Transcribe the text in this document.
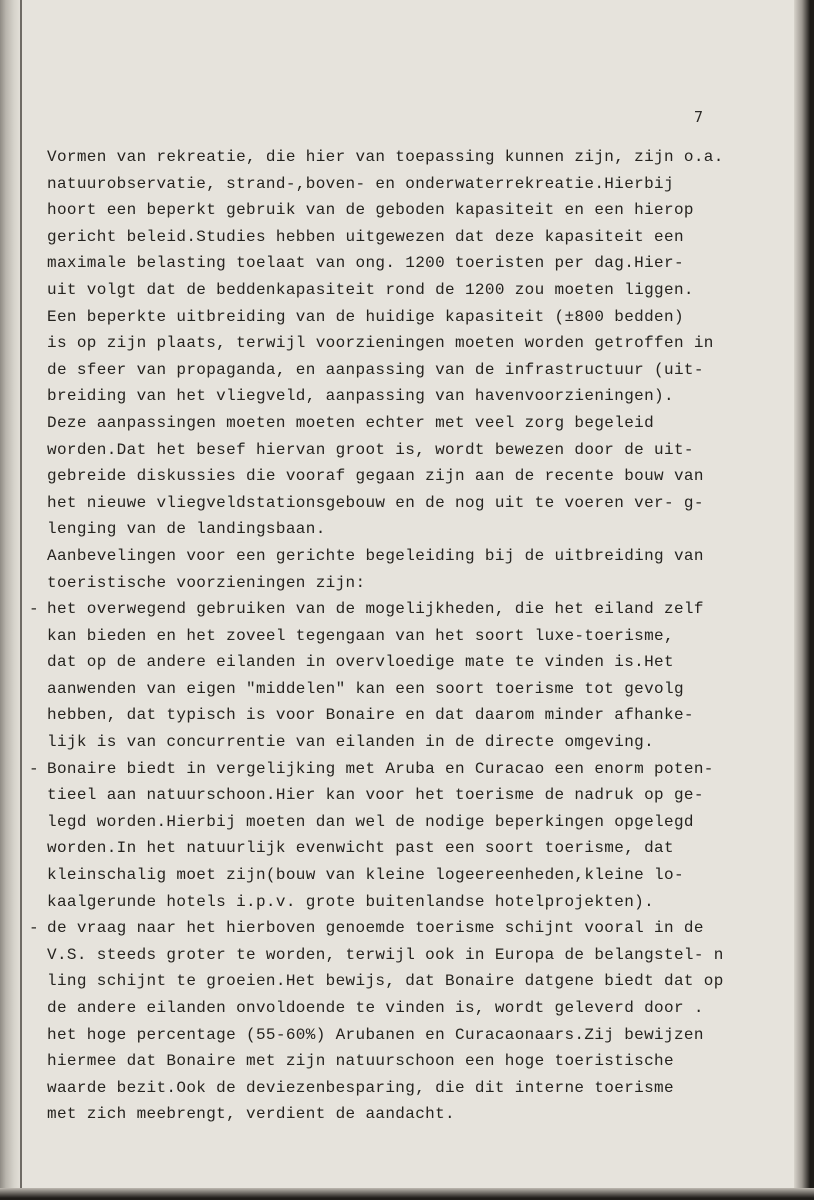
7
Vormen van rekreatie, die hier van toepassing kunnen zijn, zijn o.a.
natuurobservatie, strand-,boven- en onderwaterrekreatie.Hierbij
hoort een beperkt gebruik van de geboden kapasiteit en een hierop
gericht beleid.Studies hebben uitgewezen dat deze kapasiteit een
maximale belasting toelaat van ong. 1200 toeristen per dag.Hier-
uit volgt dat de beddenkapasiteit rond de 1200 zou moeten liggen.
Een beperkte uitbreiding van de huidige kapasiteit (±800 bedden)
is op zijn plaats, terwijl voorzieningen moeten worden getroffen in
de sfeer van propaganda, en aanpassing van de infrastructuur (uit-
breiding van het vliegveld, aanpassing van havenvoorzieningen).
Deze aanpassingen moeten moeten echter met veel zorg begeleid
worden.Dat het besef hiervan groot is, wordt bewezen door de uit-
gebreide diskussies die vooraf gegaan zijn aan de recente bouw van
het nieuwe vliegveldstationsgebouw en de nog uit te voeren ver- g-
lenging van de landingsbaan.
Aanbevelingen voor een gerichte begeleiding bij de uitbreiding van
toeristische voorzieningen zijn:
- het overwegend gebruiken van de mogelijkheden, die het eiland zelf
kan bieden en het zoveel tegengaan van het soort luxe-toerisme,
dat op de andere eilanden in overvloedige mate te vinden is.Het
aanwenden van eigen "middelen" kan een soort toerisme tot gevolg
hebben, dat typisch is voor Bonaire en dat daarom minder afhanke-
lijk is van concurrentie van eilanden in de directe omgeving.
- Bonaire biedt in vergelijking met Aruba en Curacao een enorm poten-
tieel aan natuurschoon.Hier kan voor het toerisme de nadruk op ge-
legd worden.Hierbij moeten dan wel de nodige beperkingen opgelegd
worden.In het natuurlijk evenwicht past een soort toerisme, dat
kleinschalig moet zijn(bouw van kleine logeereenheden,kleine lo-
kaalgerunde hotels i.p.v. grote buitenlandse hotelprojekten).
- de vraag naar het hierboven genoemde toerisme schijnt vooral in de
V.S. steeds groter te worden, terwijl ook in Europa de belangstel- n
ling schijnt te groeien.Het bewijs, dat Bonaire datgene biedt dat op
de andere eilanden onvoldoende te vinden is, wordt geleverd door .
het hoge percentage (55-60%) Arubanen en Curacaonaars.Zij bewijzen
hiermee dat Bonaire met zijn natuurschoon een hoge toeristische
waarde bezit.Ook de deviezenbesparing, die dit interne toerisme
met zich meebrengt, verdient de aandacht.
